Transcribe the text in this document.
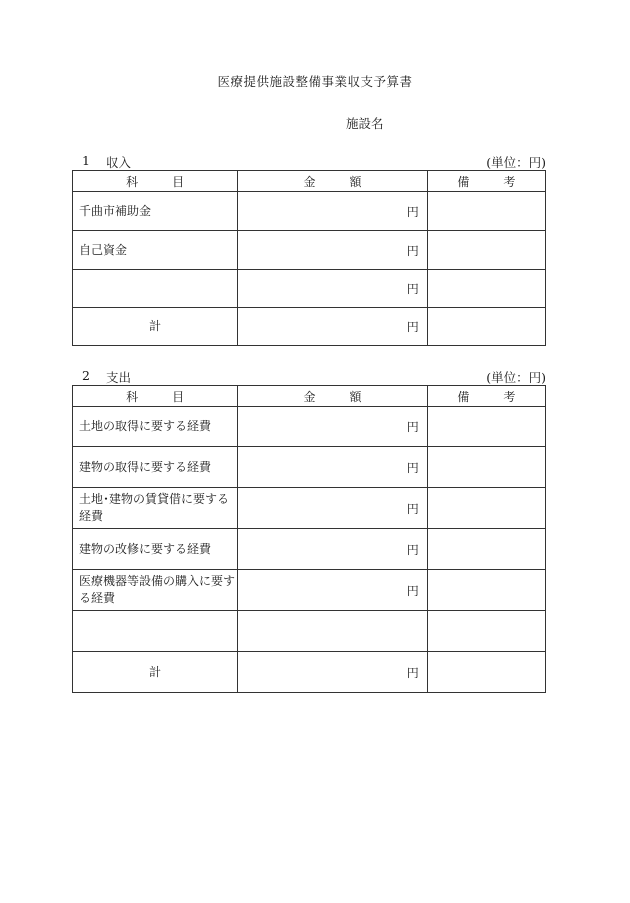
医療提供施設整備事業収支予算書
施設名
1 収入	(単位：円)
科 目	金 額	備 考
千曲市補助金	円	
自己資金	円	
	円	
計	円	
2 支出	(単位：円)
科 目	金 額	備 考
土地の取得に要する経費	円	
建物の取得に要する経費	円	
土地･建物の賃貸借に要する経費	円	
建物の改修に要する経費	円	
医療機器等設備の購入に要する経費	円	

計	円	
